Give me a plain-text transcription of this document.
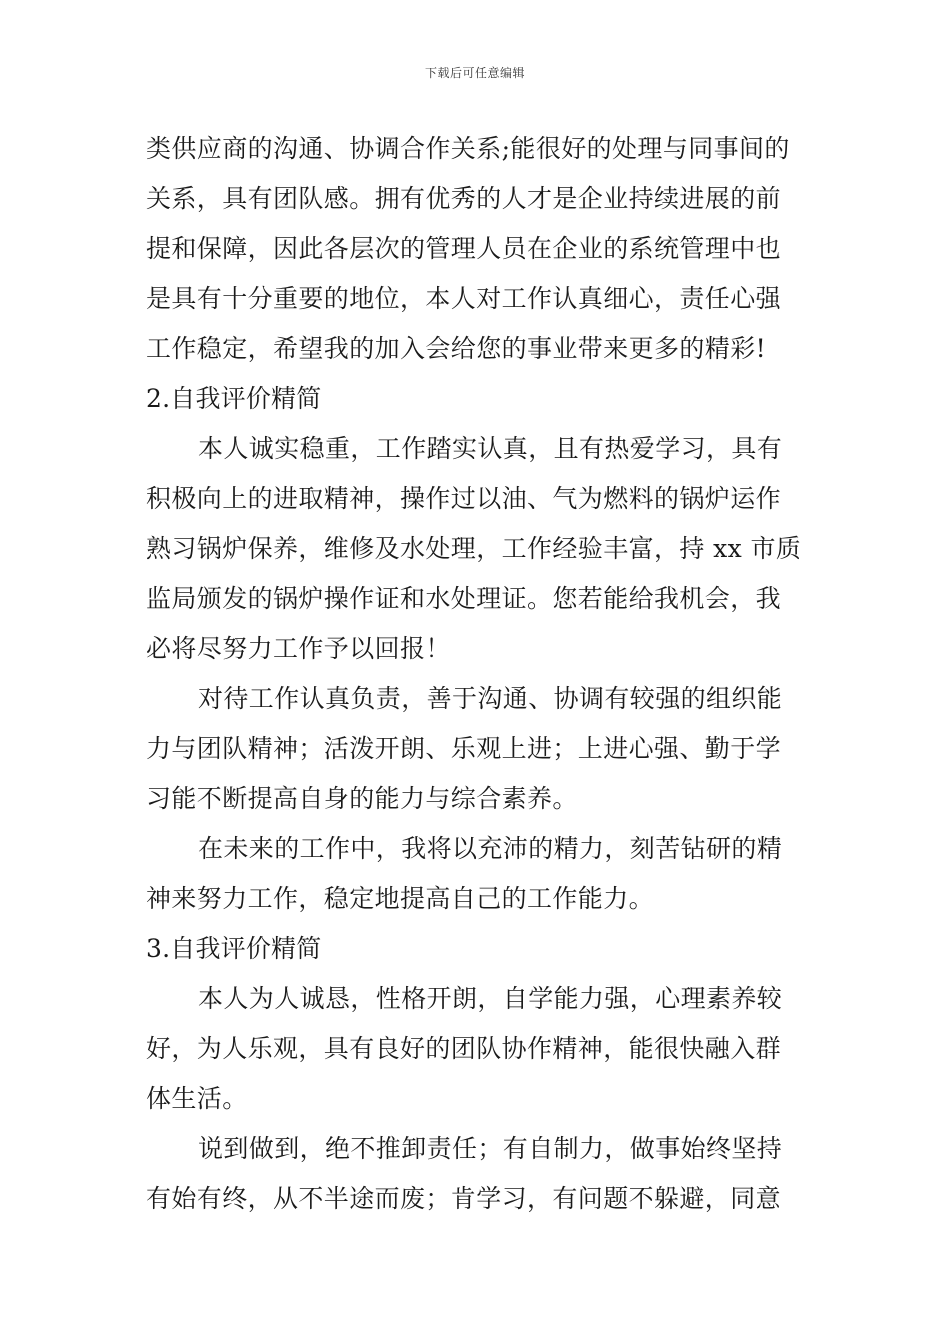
下载后可任意编辑
类供应商的沟通、协调合作关系;能很好的处理与同事间的
关系，具有团队感。拥有优秀的人才是企业持续进展的前
提和保障，因此各层次的管理人员在企业的系统管理中也
是具有十分重要的地位，本人对工作认真细心，责任心强
工作稳定，希望我的加入会给您的事业带来更多的精彩!
2.自我评价精简
本人诚实稳重，工作踏实认真，且有热爱学习，具有
积极向上的进取精神，操作过以油、气为燃料的锅炉运作
熟习锅炉保养，维修及水处理，工作经验丰富，持 xx 市质
监局颁发的锅炉操作证和水处理证。您若能给我机会，我
必将尽努力工作予以回报！
对待工作认真负责，善于沟通、协调有较强的组织能
力与团队精神；活泼开朗、乐观上进；上进心强、勤于学
习能不断提高自身的能力与综合素养。
在未来的工作中，我将以充沛的精力，刻苦钻研的精
神来努力工作，稳定地提高自己的工作能力。
3.自我评价精简
本人为人诚恳，性格开朗，自学能力强，心理素养较
好，为人乐观，具有良好的团队协作精神，能很快融入群
体生活。
说到做到，绝不推卸责任；有自制力，做事始终坚持
有始有终，从不半途而废；肯学习，有问题不躲避，同意
